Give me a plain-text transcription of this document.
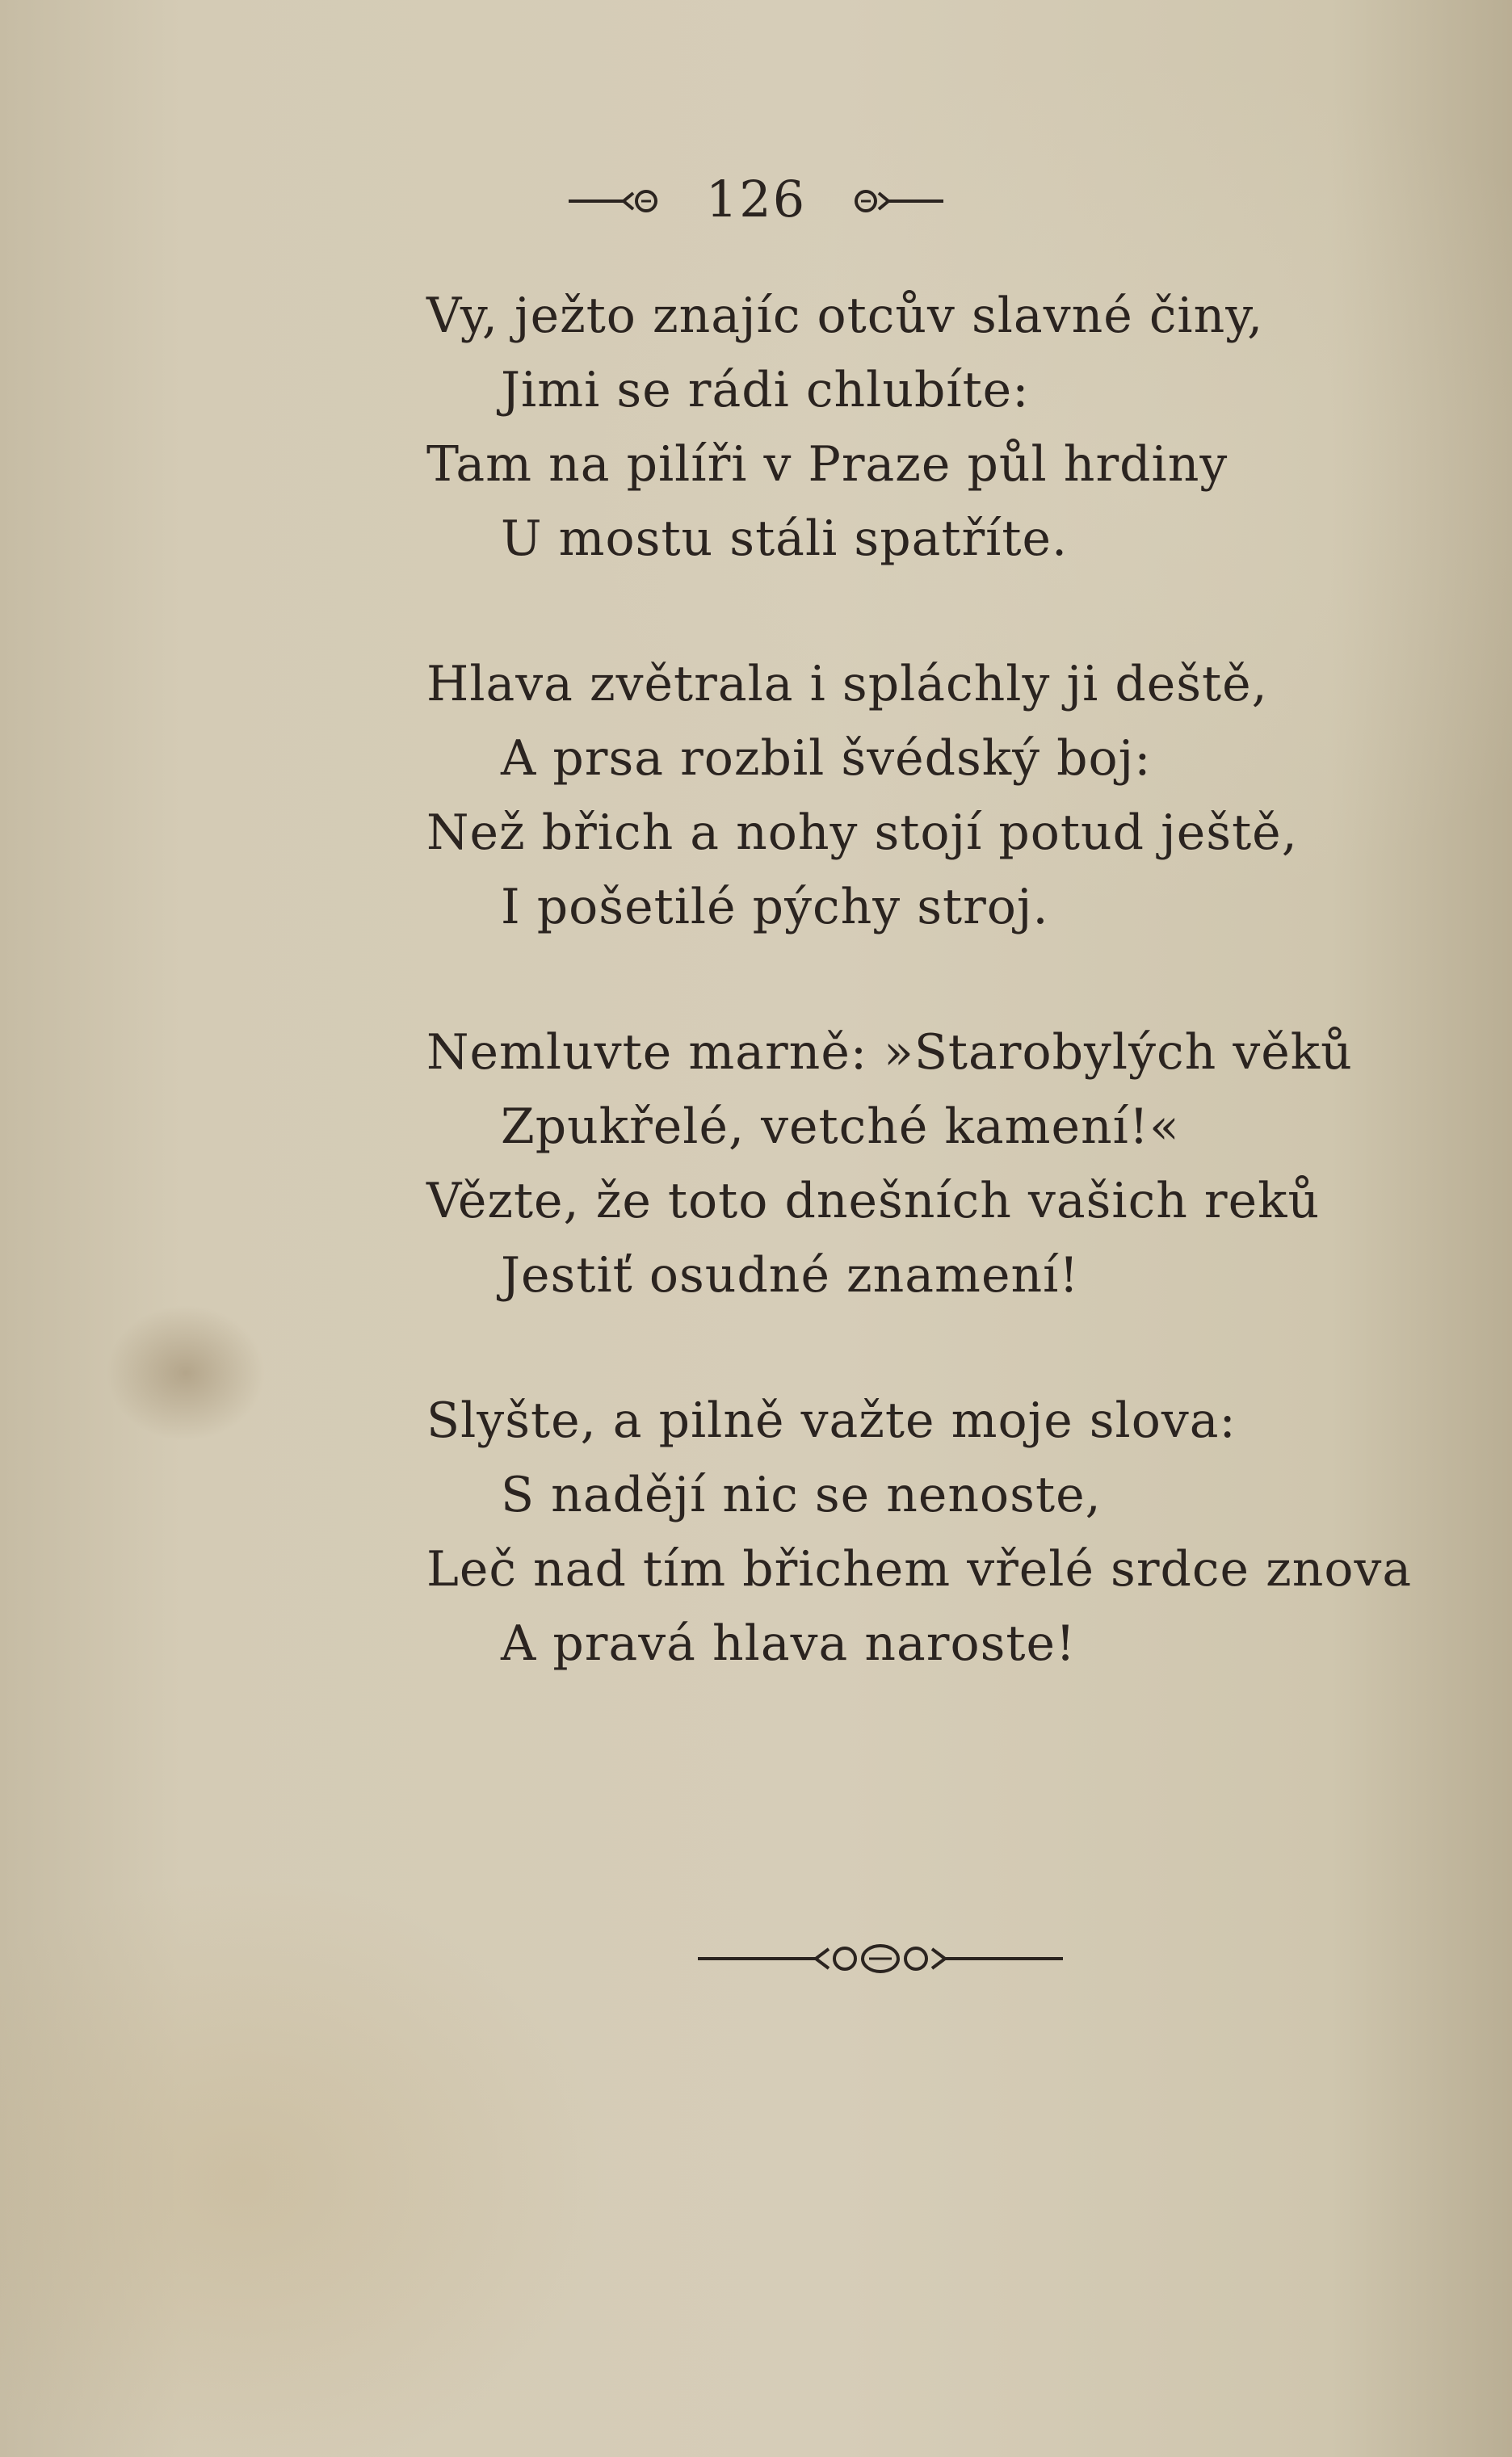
126
Vy, ježto znajíc otcův slavné činy,
Jimi se rádi chlubíte:
Tam na pilíři v Praze půl hrdiny
U mostu stáli spatříte.
Hlava zvětrala i spláchly ji deště,
A prsa rozbil švédský boj:
Než břich a nohy stojí potud ještě,
I pošetilé pýchy stroj.
Nemluvte marně: »Starobylých věků
Zpukřelé, vetché kamení!«
Vězte, že toto dnešních vašich reků
Jestiť osudné znamení!
Slyšte, a pilně važte moje slova:
S nadějí nic se nenoste,
Leč nad tím břichem vřelé srdce znova
A pravá hlava naroste!
